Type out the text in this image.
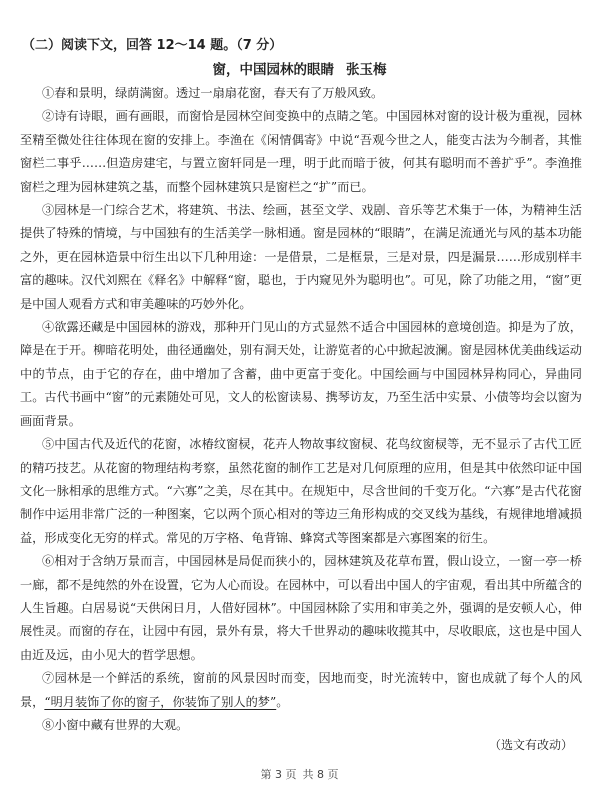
（二）阅读下文，回答 12～14 题。（7 分）
窗，中国园林的眼睛 张玉梅

①春和景明，绿荫满窗。透过一扇扇花窗，春天有了万般风致。

②诗有诗眼，画有画眼，而窗恰是园林空间变换中的点睛之笔。中国园林对窗的设计极为重视，园林至精至微处往往体现在窗的安排上。李渔在《闲情偶寄》中说“吾观今世之人，能变古法为今制者，其惟窗栏二事乎……但造房建宅，与置立窗轩同是一理，明于此而暗于彼，何其有聪明而不善扩乎”。李渔推窗栏之理为园林建筑之基，而整个园林建筑只是窗栏之“扩”而已。

③园林是一门综合艺术，将建筑、书法、绘画，甚至文学、戏剧、音乐等艺术集于一体，为精神生活提供了特殊的情境，与中国独有的生活美学一脉相通。窗是园林的“眼睛”，在满足流通光与风的基本功能之外，更在园林造景中衍生出以下几种用途：一是借景，二是框景，三是对景，四是漏景……形成别样丰富的趣味。汉代刘熙在《释名》中解释“窗，聪也，于内窥见外为聪明也”。可见，除了功能之用，“窗”更是中国人观看方式和审美趣味的巧妙外化。

④欲露还藏是中国园林的游戏，那种开门见山的方式显然不适合中国园林的意境创造。抑是为了放，障是在于开。柳暗花明处，曲径通幽处，别有洞天处，让游览者的心中掀起波澜。窗是园林优美曲线运动中的节点，由于它的存在，曲中增加了含蓄，曲中更富于变化。中国绘画与中国园林异构同心，异曲同工。古代书画中“窗”的元素随处可见，文人的松窗读易、携琴访友，乃至生活中实景、小债等均会以窗为画面背景。

⑤中国古代及近代的花窗，冰椿纹窗棂，花卉人物故事纹窗棂、花鸟纹窗棂等，无不显示了古代工匠的精巧技艺。从花窗的物理结构考察，虽然花窗的制作工艺是对几何原理的应用，但是其中依然印证中国文化一脉相承的思维方式。“六寡”之美，尽在其中。在规矩中，尽含世间的千变万化。“六寡”是古代花窗制作中运用非常广泛的一种图案，它以两个顶心相对的等边三角形构成的交叉线为基线，有规律地增减损益，形成变化无穷的样式。常见的万字格、龟背锦、蜂窝式等图案都是六寡图案的衍生。

⑥相对于含纳万景而言，中国园林是局促而狭小的，园林建筑及花草布置，假山设立，一窗一亭一桥一廊，都不是纯然的外在设置，它为人心而设。在园林中，可以看出中国人的宇宙观，看出其中所蕴含的人生旨趣。白居易说“天供闲日月，人借好园林”。中国园林除了实用和审美之外，强调的是安顿人心，伸展性灵。而窗的存在，让园中有园，景外有景，将大千世界动的趣味收揽其中，尽收眼底，这也是中国人由近及远，由小见大的哲学思想。

⑦园林是一个鲜活的系统，窗前的风景因时而变，因地而变，时光流转中，窗也成就了每个人的风景，“明月装饰了你的窗子，你装饰了别人的梦”。

⑧小窗中藏有世界的大观。

（选文有改动）
第 3 页 共 8 页
